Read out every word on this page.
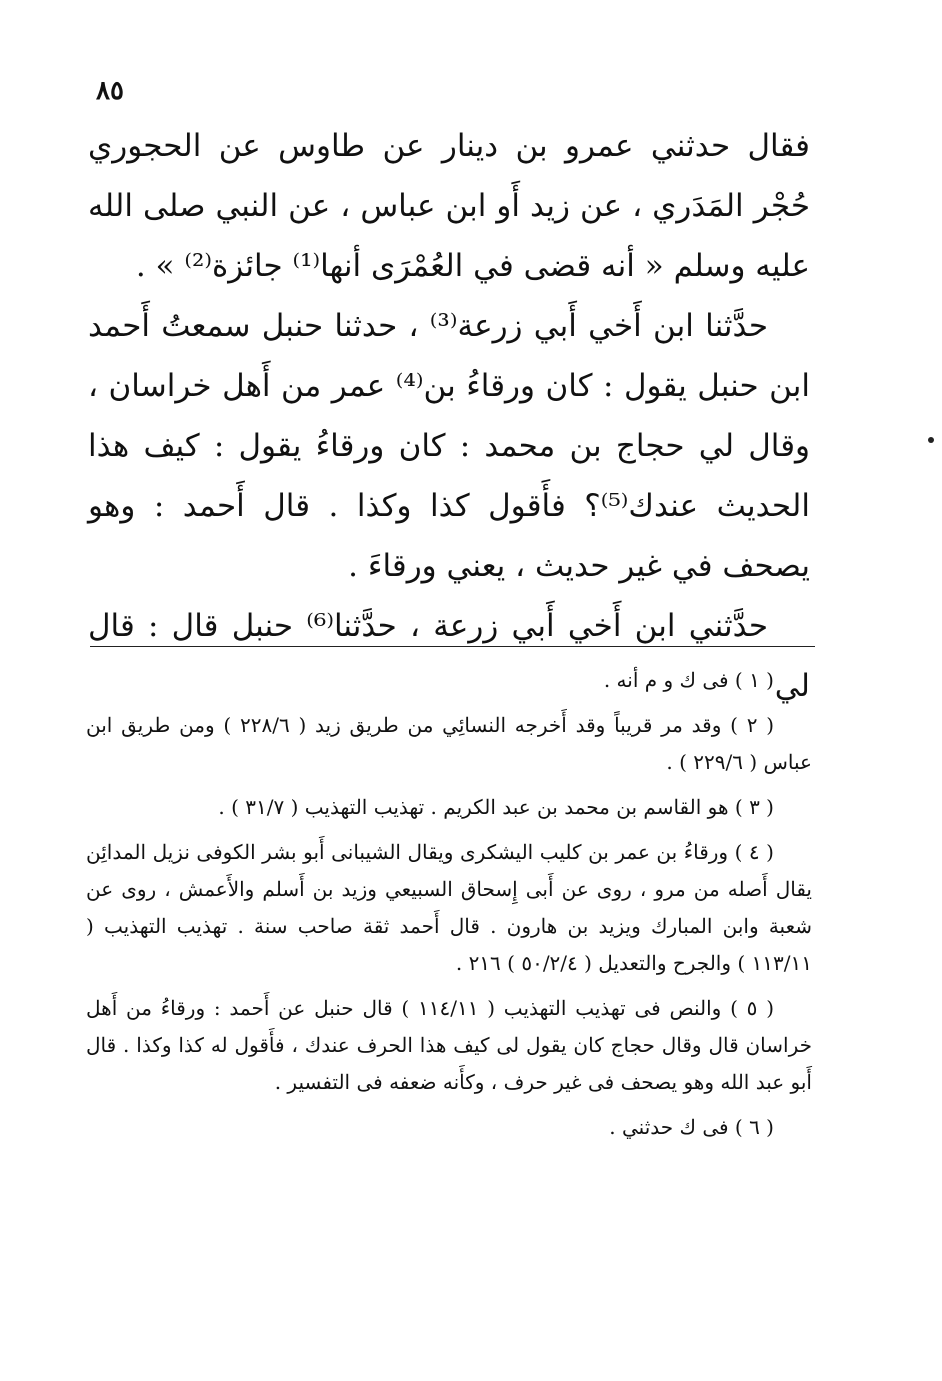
٨٥

فقال حدثني عمرو بن دينار عن طاوس عن الحجوري حُجْر المَدَري ، عن زيد أَو ابن عباس ، عن النبي صلى الله عليه وسلم « أنه قضى في العُمْرَى أنها⁽¹⁾ جائزة⁽²⁾ » .

حدَّثنا ابن أَخي أَبي زرعة⁽³⁾ ، حدثنا حنبل سمعتُ أَحمد ابن حنبل يقول : كان ورقاءُ بن⁽⁴⁾ عمر من أَهل خراسان ، وقال لي حجاج بن محمد : كان ورقاءُ يقول : كيف هذا الحديث عندك⁽⁵⁾؟ فأَقول كذا وكذا . قال أَحمد : وهو يصحف في غير حديث ، يعني ورقاءَ .

حدَّثني ابن أَخي أَبي زرعة ، حدَّثنا⁽⁶⁾ حنبل قال : قال لي

( ١ ) فى ك و م أنه .

( ٢ ) وقد مر قريباً وقد أَخرجه النسائِي من طريق زيد ( ٢٢٨/٦ ) ومن طريق ابن عباس ( ٢٢٩/٦ ) .

( ٣ ) هو القاسم بن محمد بن عبد الكريم . تهذيب التهذيب ( ٣١/٧ ) .

( ٤ ) ورقاءُ بن عمر بن كليب اليشكرى ويقال الشيبانى أَبو بشر الكوفى نزيل المدائِن يقال أَصله من مرو ، روى عن أَبى إِسحاق السبيعي وزيد بن أَسلم والأَعمش ، روى عن شعبة وابن المبارك ويزيد بن هارون . قال أَحمد ثقة صاحب سنة . تهذيب التهذيب ( ١١٣/١١ ) والجرح والتعديل ( ٥٠/٢/٤ ) ٢١٦ .

( ٥ ) والنص فى تهذيب التهذيب ( ١١٤/١١ ) قال حنبل عن أَحمد : ورقاءُ من أَهل خراسان قال وقال حجاج كان يقول لى كيف هذا الحرف عندك ، فأَقول له كذا وكذا . قال أَبو عبد الله وهو يصحف فى غير حرف ، وكأَنه ضعفه فى التفسير .

( ٦ ) فى ك حدثني .
